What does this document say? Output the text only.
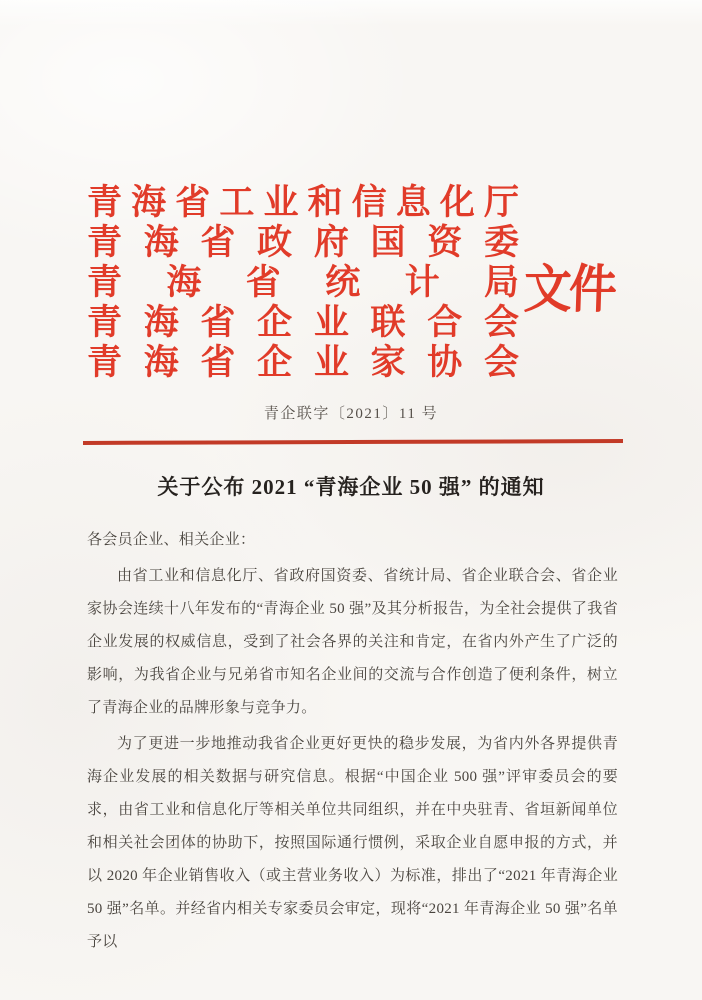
青海省工业和信息化厅
青海省政府国资委
青海省统计局
青海省企业联合会
青海省企业家协会
文件
青企联字〔2021〕11 号
关于公布 2021 “青海企业 50 强” 的通知

各会员企业、相关企业：

由省工业和信息化厅、省政府国资委、省统计局、省企业联合会、省企业家协会连续十八年发布的“青海企业 50 强”及其分析报告，为全社会提供了我省企业发展的权威信息，受到了社会各界的关注和肯定，在省内外产生了广泛的影响，为我省企业与兄弟省市知名企业间的交流与合作创造了便利条件，树立了青海企业的品牌形象与竞争力。

为了更进一步地推动我省企业更好更快的稳步发展，为省内外各界提供青海企业发展的相关数据与研究信息。根据“中国企业 500 强”评审委员会的要求，由省工业和信息化厅等相关单位共同组织，并在中央驻青、省垣新闻单位和相关社会团体的协助下，按照国际通行惯例，采取企业自愿申报的方式，并以 2020 年企业销售收入（或主营业务收入）为标准，排出了“2021 年青海企业 50 强”名单。并经省内相关专家委员会审定，现将“2021 年青海企业 50 强”名单予以
